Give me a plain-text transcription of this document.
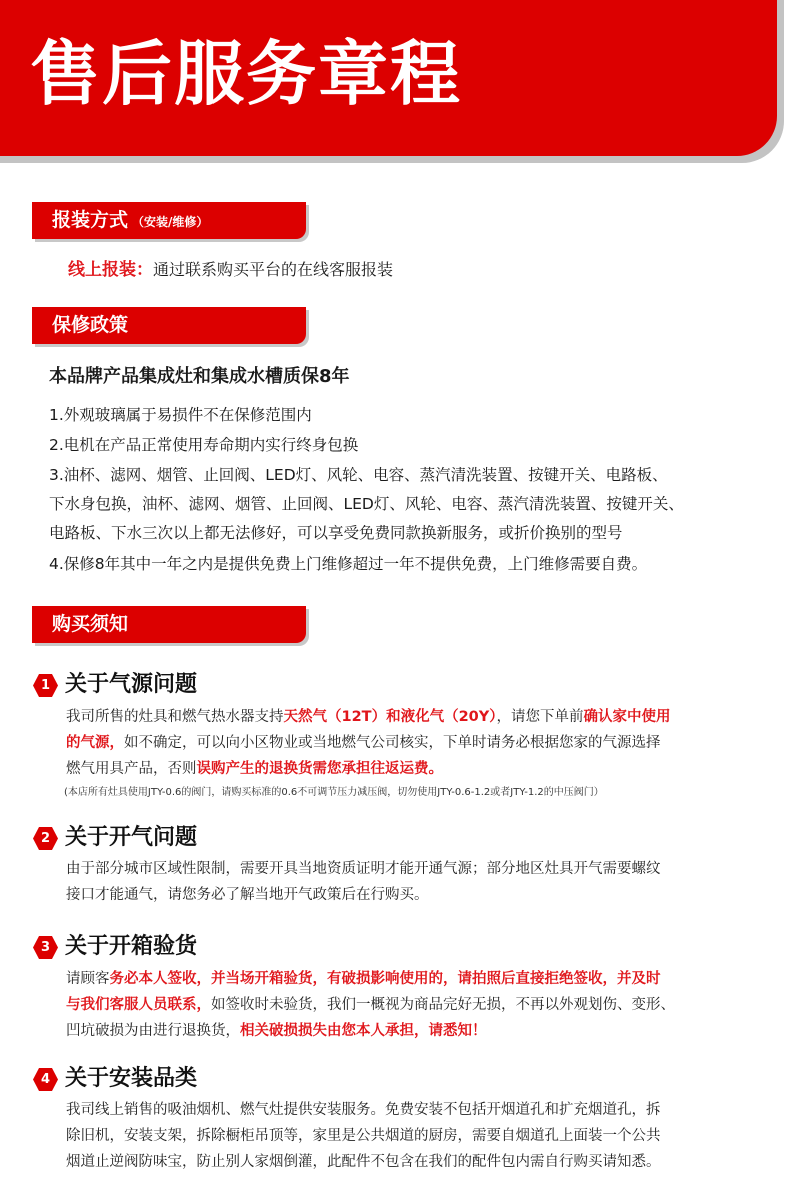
售后服务章程
报装方式 （安装/维修）
线上报装：通过联系购买平台的在线客服报装
保修政策
本品牌产品集成灶和集成水槽质保8年
1.外观玻璃属于易损件不在保修范围内
2.电机在产品正常使用寿命期内实行终身包换
3.油杯、滤网、烟管、止回阀、LED灯、风轮、电容、蒸汽清洗装置、按键开关、电路板、
下水身包换，油杯、滤网、烟管、止回阀、LED灯、风轮、电容、蒸汽清洗装置、按键开关、
电路板、下水三次以上都无法修好，可以享受免费同款换新服务，或折价换别的型号
4.保修8年其中一年之内是提供免费上门维修超过一年不提供免费，上门维修需要自费。
购买须知
1 关于气源问题
我司所售的灶具和燃气热水器支持天然气（12T）和液化气（20Y），请您下单前确认家中使用
的气源，如不确定，可以向小区物业或当地燃气公司核实，下单时请务必根据您家的气源选择
燃气用具产品，否则误购产生的退换货需您承担往返运费。
(本店所有灶具使用JTY-0.6的阀门，请购买标准的0.6不可调节压力减压阀，切勿使用JTY-0.6-1.2或者JTY-1.2的中压阀门）
2 关于开气问题
由于部分城市区域性限制，需要开具当地资质证明才能开通气源；部分地区灶具开气需要螺纹
接口才能通气，请您务必了解当地开气政策后在行购买。
3 关于开箱验货
请顾客务必本人签收，并当场开箱验货，有破损影响使用的，请拍照后直接拒绝签收，并及时
与我们客服人员联系，如签收时未验货，我们一概视为商品完好无损，不再以外观划伤、变形、
凹坑破损为由进行退换货，相关破损损失由您本人承担，请悉知！
4 关于安装品类
我司线上销售的吸油烟机、燃气灶提供安装服务。免费安装不包括开烟道孔和扩充烟道孔，拆
除旧机，安装支架，拆除橱柜吊顶等，家里是公共烟道的厨房，需要自烟道孔上面装一个公共
烟道止逆阀防味宝，防止别人家烟倒灌，此配件不包含在我们的配件包内需自行购买请知悉。
